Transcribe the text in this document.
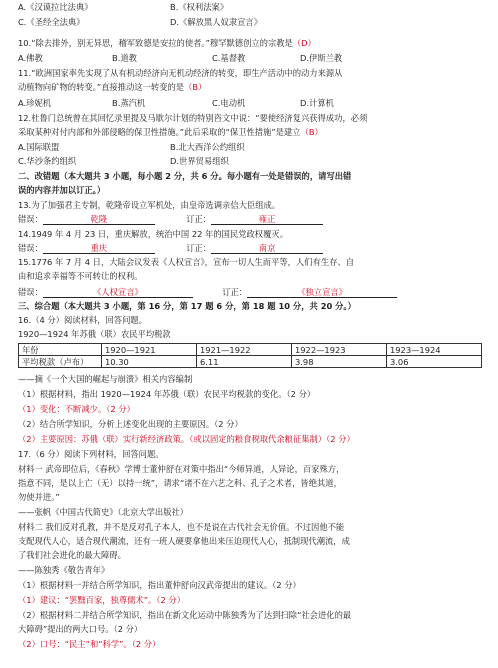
A.《汉谟拉比法典》	B.《权利法案》
C.《圣经全法典》	D.《解放黑人奴隶宣言》
10.“除去排外，别无异思，稽军致德是安拉的使者。”穆罕默德创立的宗教是（D）
A.佛教	B.道教	C.基督教	D.伊斯兰教
11.“欧洲国家率先实现了从有机动经济向无机动经济的转变，即生产活动中的动力来源从
动植物向矿物的转变。”直接推动这一转变的是（B）
A.珍妮机	B.蒸汽机	C.电动机	D.计算机
12.杜鲁门总统曾在其回忆录里提及马歇尔计划的特别咨文中说：“要使经济复兴获得成功，必须
采取某种对付内部和外部侵略的保卫性措施。”此后采取的“保卫性措施”是建立（B）
A.国际联盟	B.北大西洋公约组织
C.华沙条约组织	D.世界贸易组织
二、改错题（本大题共 3 小题，每小题 2 分，共 6 分。每小题有一处是错误的，请写出错
误的内容并加以订正。）
13.为了加强君主专制，乾隆帝设立军机处，由皇帝选调亲信大臣组成。
错误：	乾隆	订正：	雍正
14.1949 年 4 月 23 日，重庆解放，统治中国 22 年的国民党政权覆灭。
错误：	重庆	订正：	南京
15.1776 年 7 月 4 日，大陆会议发表《人权宣言》，宣布一切人生而平等，人们有生存、自
由和追求幸福等不可转让的权利。
错误：	《人权宣言》	订正：	《独立宣言》
三、综合题（本大题共 3 小题，第 16 分，第 17 题 6 分，第 18 题 10 分，共 20 分。）
16.（4 分）阅读材料，回答问题。
1920—1924 年苏俄（联）农民平均税款
年份	1920—1921	1921—1922	1922—1923	1923—1924
平均税款（卢布）	10.30	6.11	3.98	3.06
——摘《一个大国的崛起与崩溃》相关内容编制
（1）根据材料，指出 1920—1924 年苏俄（联）农民平均税款的变化。（2 分）
（1）变化：不断减少。（2 分）
（2）结合所学知识，分析上述变化出现的主要原因。（2 分）
（2）主要原因：苏俄（联）实行新经济政策。（或以固定的粮食税取代余粮征集制）（2 分）
17.（6 分）阅读下列材料，回答问题。
材料一 武帝即位后，《春秋》学博士董仲舒在对策中指出“今师异道，人异论，百家殊方，
指意不同，是以上亡（无）以持一统”，请求“诸不在六艺之科、孔子之术者，皆绝其道，
勿使并进。”
——张帆《中国古代简史》（北京大学出版社）
材料二 我们反对孔教，并不是反对孔子本人，也不是说在古代社会无价值。不过因他不能
支配现代人心，适合现代潮流，还有一班人硬要拿他出来压迫现代人心，抵制现代潮流，成
了我们社会进化的最大障碍。
——陈独秀《敬告青年》
（1）根据材料一并结合所学知识，指出董仲舒向汉武帝提出的建议。（2 分）
（1）建议：“罢黜百家，独尊儒术”。（2 分）
（2）根据材料二并结合所学知识，指出在新文化运动中陈独秀为了达到扫除“社会进化的最
大障碍”提出的两大口号。（2 分）
（2）口号：“民主”和“科学”。（2 分）
